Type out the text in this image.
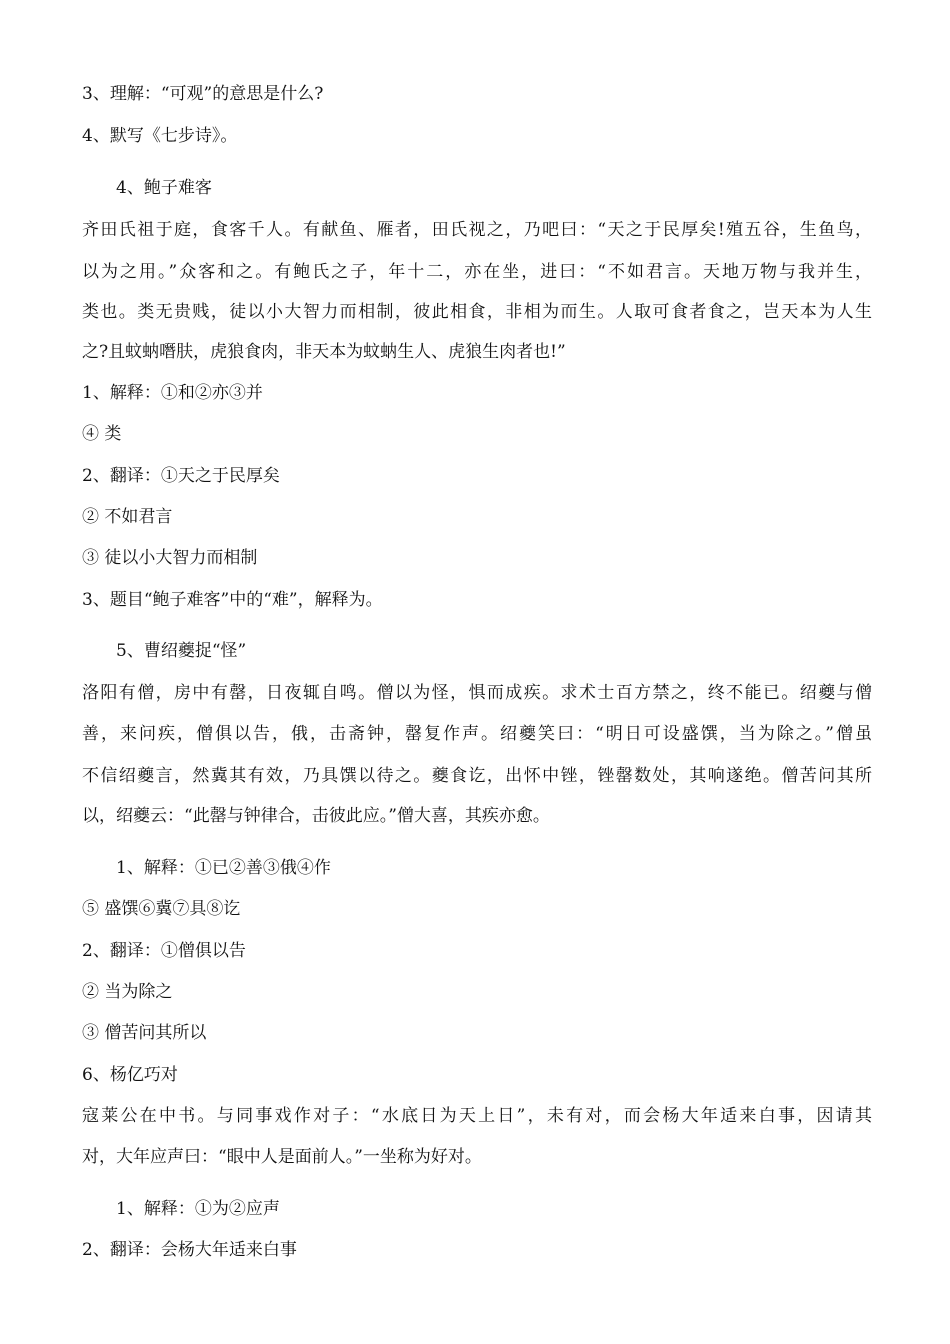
3、理解：“可观”的意思是什么?
4、默写《七步诗》。
4、鲍子难客
齐田氏祖于庭，食客千人。有献鱼、雁者，田氏视之，乃吧曰：“天之于民厚矣!殖五谷，生鱼鸟，
以为之用。”众客和之。有鲍氏之子，年十二，亦在坐，进曰：“不如君言。天地万物与我并生，
类也。类无贵贱，徒以小大智力而相制，彼此相食，非相为而生。人取可食者食之，岂天本为人生
之?且蚊蚋噆肤，虎狼食肉，非天本为蚊蚋生人、虎狼生肉者也!”
1、解释：①和②亦③并
④ 类
2、翻译：①天之于民厚矣
② 不如君言
③ 徒以小大智力而相制
3、题目“鲍子难客”中的“难”，解释为。
5、曹绍夔捉“怪”
洛阳有僧，房中有罄，日夜辄自鸣。僧以为怪，惧而成疾。求术士百方禁之，终不能已。绍夔与僧
善，来问疾，僧俱以告，俄，击斋钟，罄复作声。绍夔笑曰：“明日可设盛馔，当为除之。”僧虽
不信绍夔言，然冀其有效，乃具馔以待之。夔食讫，出怀中锉，锉罄数处，其响遂绝。僧苦问其所
以，绍夔云：“此罄与钟律合，击彼此应。”僧大喜，其疾亦愈。
1、解释：①已②善③俄④作
⑤ 盛馔⑥冀⑦具⑧讫
2、翻译：①僧俱以告
② 当为除之
③ 僧苦问其所以
6、杨亿巧对
寇莱公在中书。与同事戏作对子：“水底日为天上日”，未有对，而会杨大年适来白事，因请其
对，大年应声曰：“眼中人是面前人。”一坐称为好对。
1、解释：①为②应声
2、翻译：会杨大年适来白事
